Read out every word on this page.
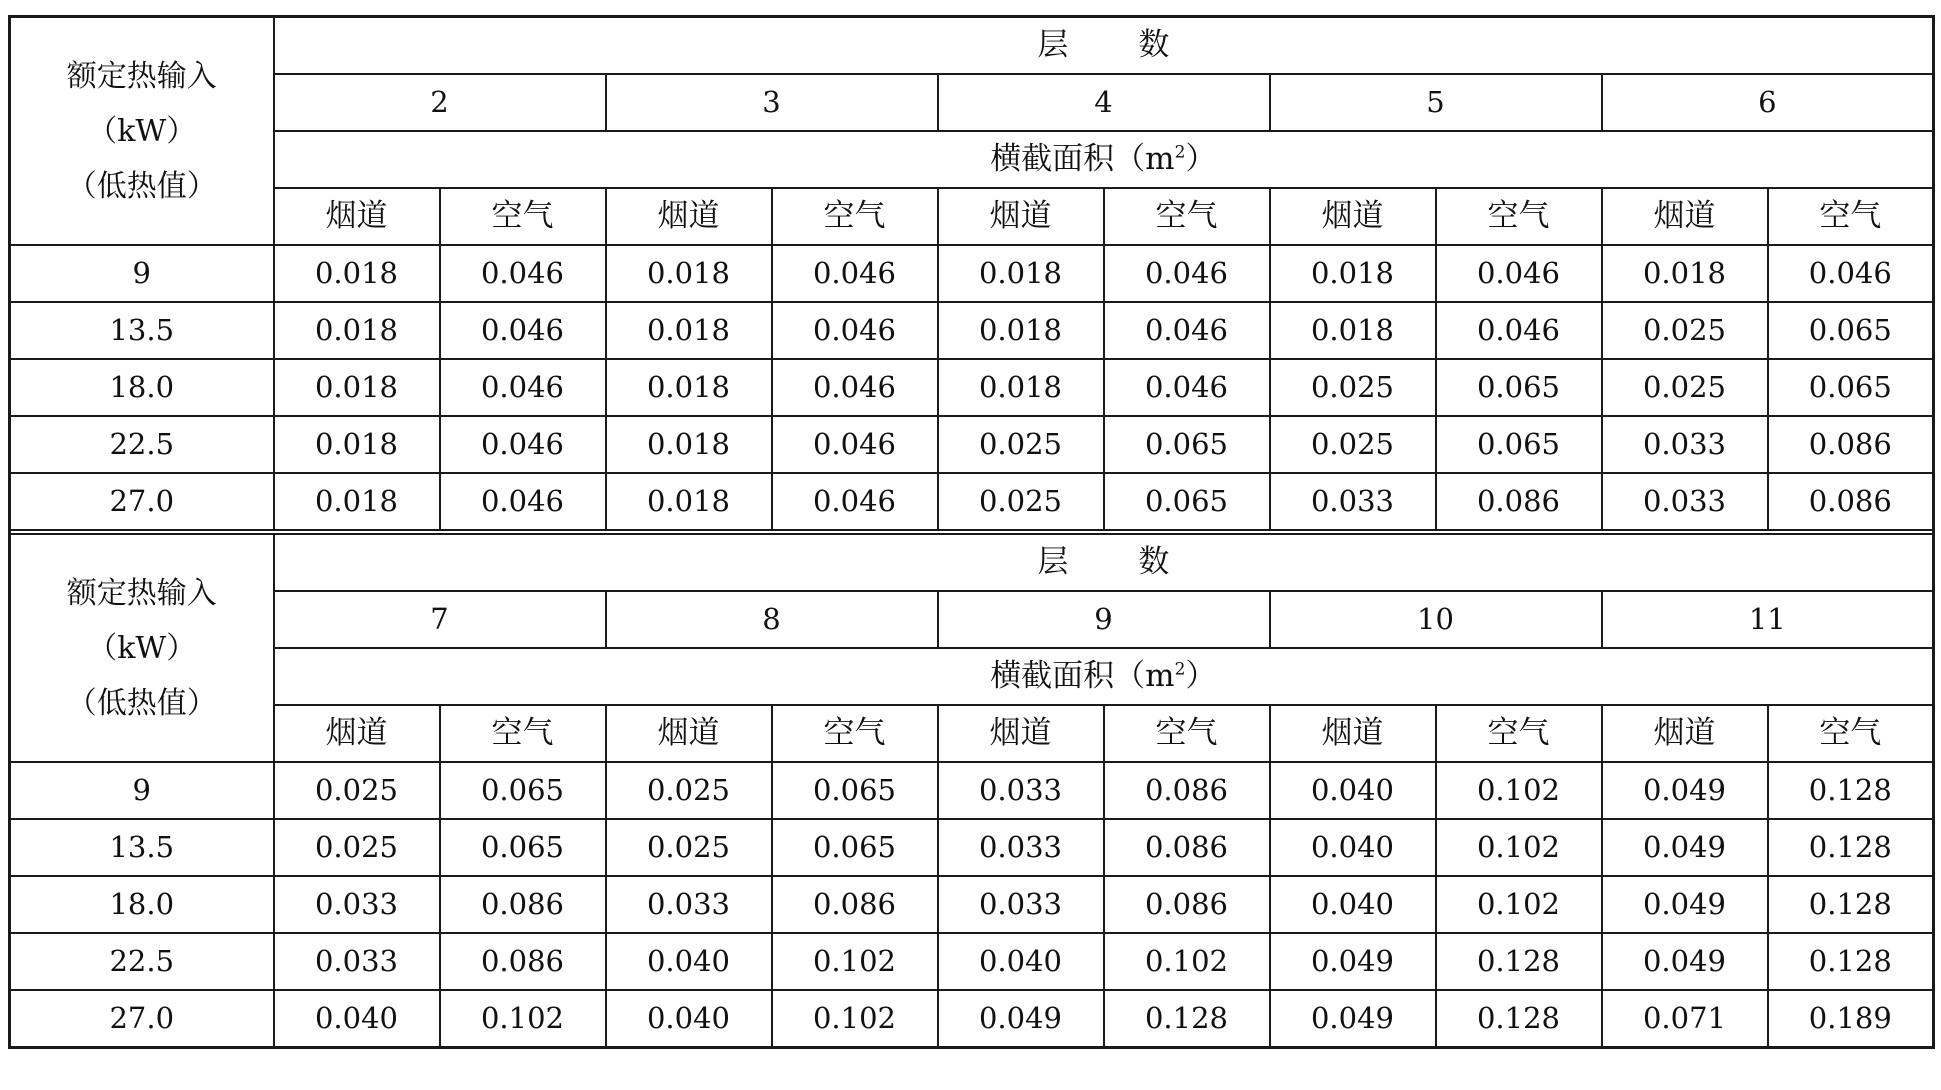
额定热输入
（kW）
（低热值）	层 数									
	2		3		4		5		6	
	横截面积$(m^2)$									
	烟道	空气	烟道	空气	烟道	空气	烟道	空气	烟道	空气
9	0.018	0.046	0.018	0.046	0.018	0.046	0.018	0.046	0.018	0.046
13.5	0.018	0.046	0.018	0.046	0.018	0.046	0.018	0.046	0.025	0.065
18.0	0.018	0.046	0.018	0.046	0.018	0.046	0.025	0.065	0.025	0.065
22.5	0.018	0.046	0.018	0.046	0.025	0.065	0.025	0.065	0.033	0.086
27.0	0.018	0.046	0.018	0.046	0.025	0.065	0.033	0.086	0.033	0.086

额定热输入
（kW）
（低热值）	层 数									
	7		8		9		10		11	
	横截面积$(m^2)$									
	烟道	空气	烟道	空气	烟道	空气	烟道	空气	烟道	空气
9	0.025	0.065	0.025	0.065	0.033	0.086	0.040	0.102	0.049	0.128
13.5	0.025	0.065	0.025	0.065	0.033	0.086	0.040	0.102	0.049	0.128
18.0	0.033	0.086	0.033	0.086	0.033	0.086	0.040	0.102	0.049	0.128
22.5	0.033	0.086	0.040	0.102	0.040	0.102	0.049	0.128	0.049	0.128
27.0	0.040	0.102	0.040	0.102	0.049	0.128	0.049	0.128	0.071	0.189
